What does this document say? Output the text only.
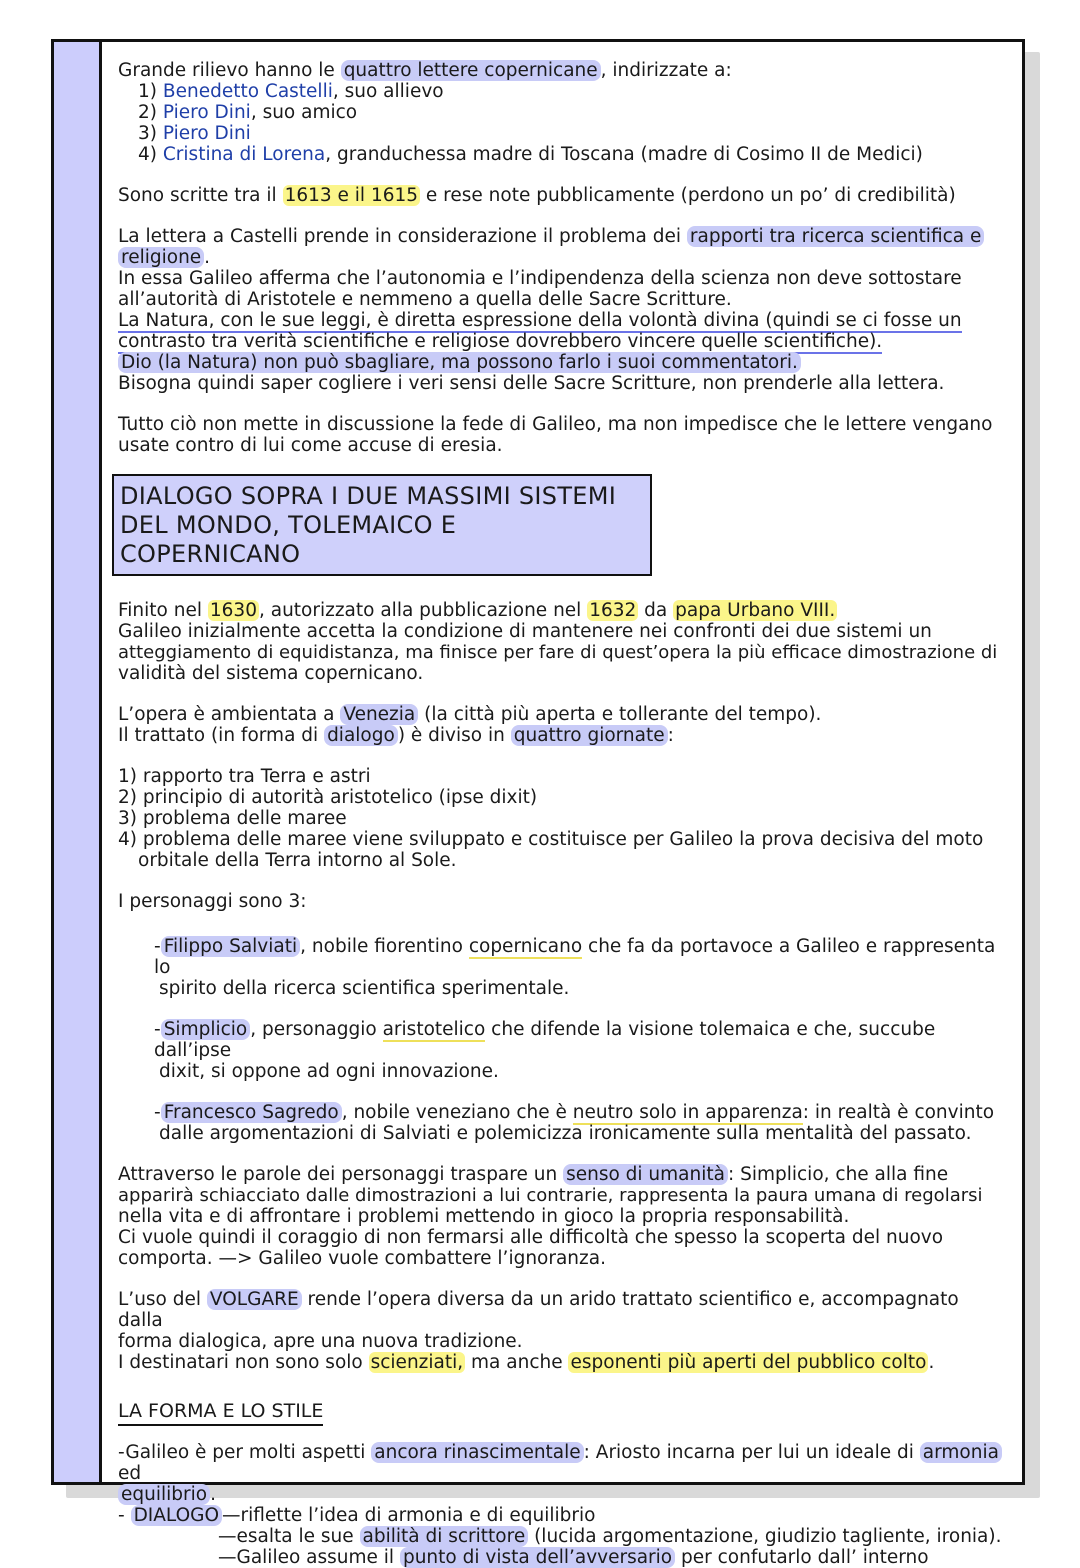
Grande rilievo hanno le quattro lettere copernicane , indirizzate a:

1) Benedetto Castelli, suo allievo

2) Piero Dini, suo amico

3) Piero Dini

4) Cristina di Lorena, granduchessa madre di Toscana (madre di Cosimo II de Medici)

Sono scritte tra il 1613 e il 1615 e rese note pubblicamente (perdono un po’ di credibilità)

La lettera a Castelli prende in considerazione il problema dei rapporti tra ricerca scientifica e

religione .

In essa Galileo afferma che l’autonomia e l’indipendenza della scienza non deve sottostare

all’autorità di Aristotele e nemmeno a quella delle Sacre Scritture.

La Natura, con le sue leggi, è diretta espressione della volontà divina (quindi se ci fosse un

contrasto tra verità scientifiche e religiose dovrebbero vincere quelle scientifiche).

Dio (la Natura) non può sbagliare, ma possono farlo i suoi commentatori.

Bisogna quindi saper cogliere i veri sensi delle Sacre Scritture, non prenderle alla lettera.

Tutto ciò non mette in discussione la fede di Galileo, ma non impedisce che le lettere vengano

usate contro di lui come accuse di eresia.

DIALOGO SOPRA I DUE MASSIMI SISTEMI
DEL MONDO, TOLEMAICO E COPERNICANO

Finito nel 1630 , autorizzato alla pubblicazione nel 1632 da papa Urbano VIII.

Galileo inizialmente accetta la condizione di mantenere nei confronti dei due sistemi un

atteggiamento di equidistanza, ma finisce per fare di quest’opera la più efficace dimostrazione di

validità del sistema copernicano.

L’opera è ambientata a Venezia (la città più aperta e tollerante del tempo).

Il trattato (in forma di dialogo ) è diviso in quattro giornate :

1) rapporto tra Terra e astri

2) principio di autorità aristotelico (ipse dixit)

3) problema delle maree

4) problema delle maree viene sviluppato e costituisce per Galileo la prova decisiva del moto

orbitale della Terra intorno al Sole.

I personaggi sono 3:

- Filippo Salviati , nobile fiorentino copernicano che fa da portavoce a Galileo e rappresenta lo

spirito della ricerca scientifica sperimentale.

- Simplicio , personaggio aristotelico che difende la visione tolemaica e che, succube dall’ipse

dixit, si oppone ad ogni innovazione.

- Francesco Sagredo , nobile veneziano che è neutro solo in apparenza: in realtà è convinto

dalle argomentazioni di Salviati e polemicizza ironicamente sulla mentalità del passato.

Attraverso le parole dei personaggi traspare un senso di umanità : Simplicio, che alla fine

apparirà schiacciato dalle dimostrazioni a lui contrarie, rappresenta la paura umana di regolarsi

nella vita e di affrontare i problemi mettendo in gioco la propria responsabilità.

Ci vuole quindi il coraggio di non fermarsi alle difficoltà che spesso la scoperta del nuovo

comporta. —> Galileo vuole combattere l’ignoranza.

L’uso del VOLGARE rende l’opera diversa da un arido trattato scientifico e, accompagnato dalla

forma dialogica, apre una nuova tradizione.

I destinatari non sono solo scienziati, ma anche esponenti più aperti del pubblico colto .

LA FORMA E LO STILE

-Galileo è per molti aspetti ancora rinascimentale : Ariosto incarna per lui un ideale di armonia ed

equilibrio .

- DIALOGO —riflette l’idea di armonia e di equilibrio

—esalta le sue abilità di scrittore (lucida argomentazione, giudizio tagliente, ironia).

—Galileo assume il punto di vista dell’avversario per confutarlo dall’ interno
